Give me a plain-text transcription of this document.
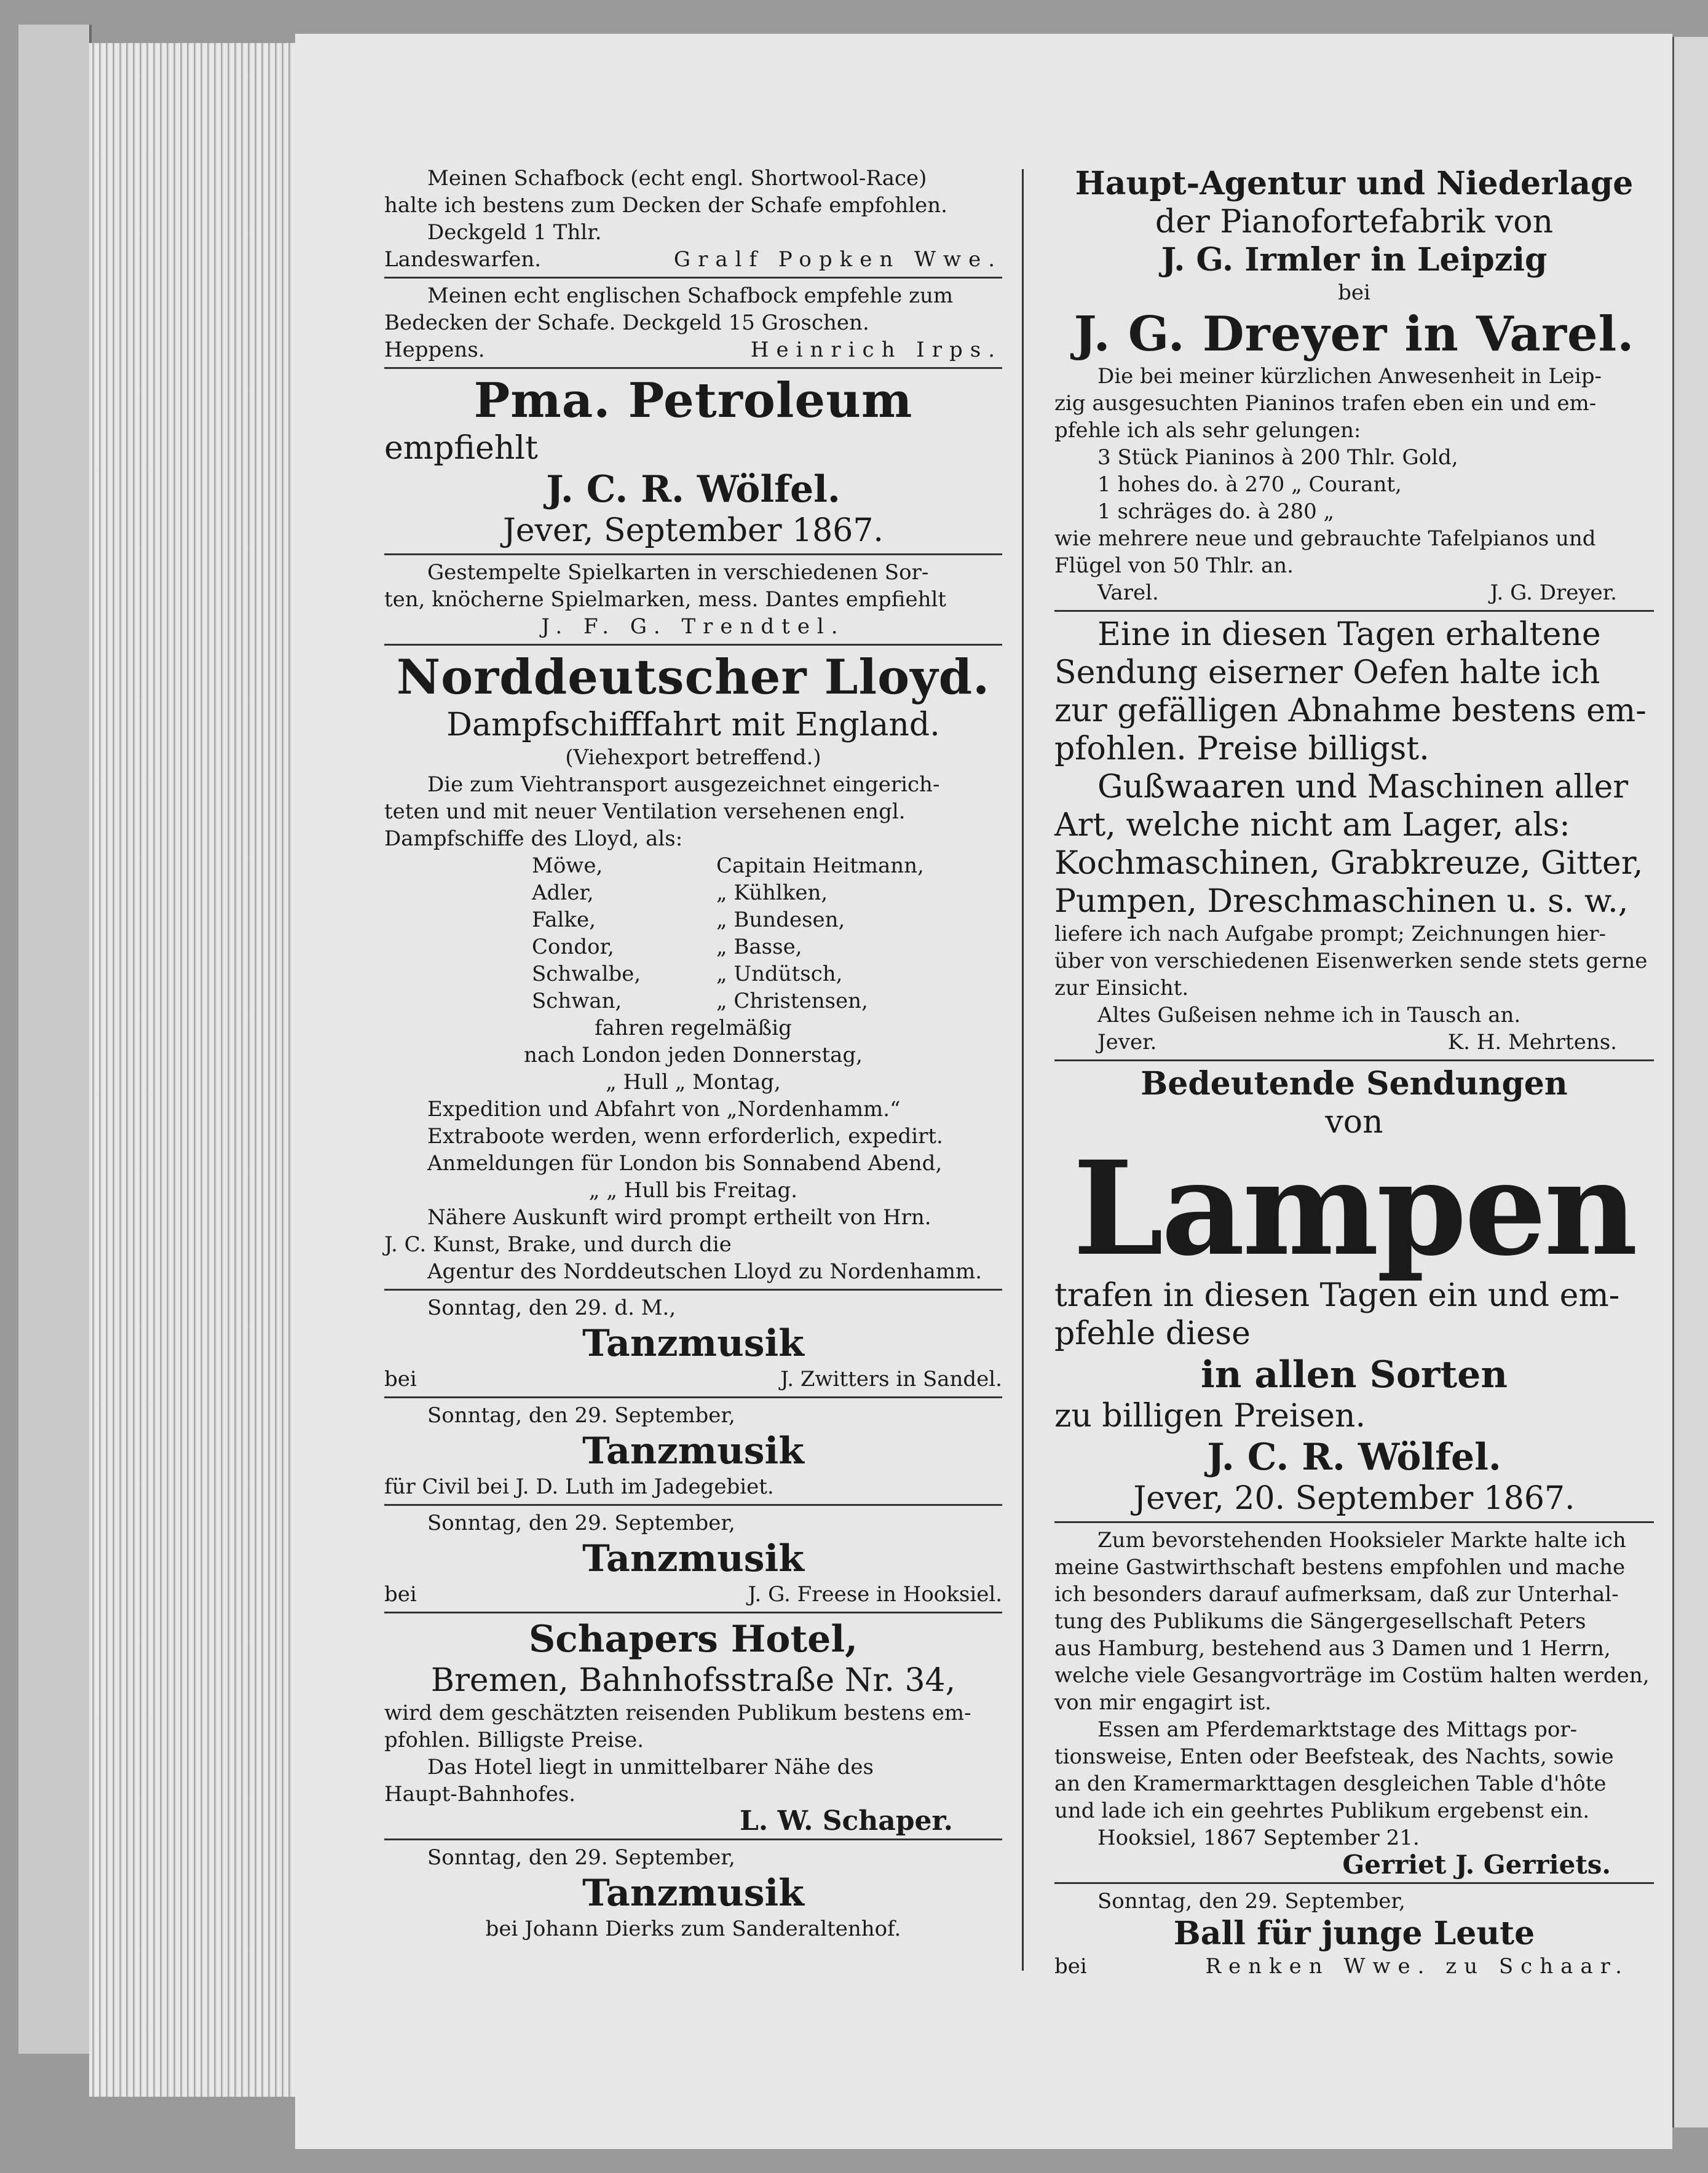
Meinen Schafbock (echt engl. Shortwool-Race)

halte ich bestens zum Decken der Schafe empfohlen.

Deckgeld 1 Thlr.

Landeswarfen.	Gralf Popken Wwe.

Meinen echt englischen Schafbock empfehle zum

Bedecken der Schafe. Deckgeld 15 Groschen.

Heppens.	Heinrich Irps.

Pma. Petroleum

empfiehlt

J. C. R. Wölfel.

Jever, September 1867.

Gestempelte Spielkarten in verschiedenen Sor-

ten, knöcherne Spielmarken, mess. Dantes empfiehlt

J. F. G. Trendtel.

Norddeutscher Lloyd.

Dampfschifffahrt mit England.

(Viehexport betreffend.)

Die zum Viehtransport ausgezeichnet eingerich-

teten und mit neuer Ventilation versehenen engl.

Dampfschiffe des Lloyd, als:

Möwe,	Capitain Heitmann,
Adler,	„ Kühlken,
Falke,	„ Bundesen,
Condor,	„ Basse,
Schwalbe,	„ Undütsch,
Schwan,	„ Christensen,

fahren regelmäßig

nach London jeden Donnerstag,

„ Hull „ Montag,

Expedition und Abfahrt von „Nordenhamm.“

Extraboote werden, wenn erforderlich, expedirt.

Anmeldungen für London bis Sonnabend Abend,

„ „ Hull bis Freitag.

Nähere Auskunft wird prompt ertheilt von Hrn.

J. C. Kunst, Brake, und durch die

Agentur des Norddeutschen Lloyd zu Nordenhamm.

Sonntag, den 29. d. M.,

Tanzmusik

bei	J. Zwitters in Sandel.

Sonntag, den 29. September,

Tanzmusik

für Civil bei J. D. Luth im Jadegebiet.

Sonntag, den 29. September,

Tanzmusik

bei	J. G. Freese in Hooksiel.

Schapers Hotel,

Bremen, Bahnhofsstraße Nr. 34,

wird dem geschätzten reisenden Publikum bestens em-

pfohlen. Billigste Preise.

Das Hotel liegt in unmittelbarer Nähe des

Haupt-Bahnhofes.

L. W. Schaper.

Sonntag, den 29. September,

Tanzmusik

bei Johann Dierks zum Sanderaltenhof.

Haupt-Agentur und Niederlage

der Pianofortefabrik von

J. G. Irmler in Leipzig

bei

J. G. Dreyer in Varel.

Die bei meiner kürzlichen Anwesenheit in Leip-

zig ausgesuchten Pianinos trafen eben ein und em-

pfehle ich als sehr gelungen:

3 Stück Pianinos à 200 Thlr. Gold,

1 hohes do. à 270 „ Courant,

1 schräges do. à 280 „

wie mehrere neue und gebrauchte Tafelpianos und

Flügel von 50 Thlr. an.

Varel.	J. G. Dreyer.

Eine in diesen Tagen erhaltene

Sendung eiserner Oefen halte ich

zur gefälligen Abnahme bestens em-

pfohlen. Preise billigst.

Gußwaaren und Maschinen aller

Art, welche nicht am Lager, als:

Kochmaschinen, Grabkreuze, Gitter,

Pumpen, Dreschmaschinen u. s. w.,

liefere ich nach Aufgabe prompt; Zeichnungen hier-

über von verschiedenen Eisenwerken sende stets gerne

zur Einsicht.

Altes Gußeisen nehme ich in Tausch an.

Jever.	K. H. Mehrtens.

Bedeutende Sendungen

von

Lampen

trafen in diesen Tagen ein und em-

pfehle diese

in allen Sorten

zu billigen Preisen.

J. C. R. Wölfel.

Jever, 20. September 1867.

Zum bevorstehenden Hooksieler Markte halte ich

meine Gastwirthschaft bestens empfohlen und mache

ich besonders darauf aufmerksam, daß zur Unterhal-

tung des Publikums die Sängergesellschaft Peters

aus Hamburg, bestehend aus 3 Damen und 1 Herrn,

welche viele Gesangvorträge im Costüm halten werden,

von mir engagirt ist.

Essen am Pferdemarktstage des Mittags por-

tionsweise, Enten oder Beefsteak, des Nachts, sowie

an den Kramermarkttagen desgleichen Table d'hôte

und lade ich ein geehrtes Publikum ergebenst ein.

Hooksiel, 1867 September 21.

Gerriet J. Gerriets.

Sonntag, den 29. September,

Ball für junge Leute

bei	Renken Wwe. zu Schaar.
